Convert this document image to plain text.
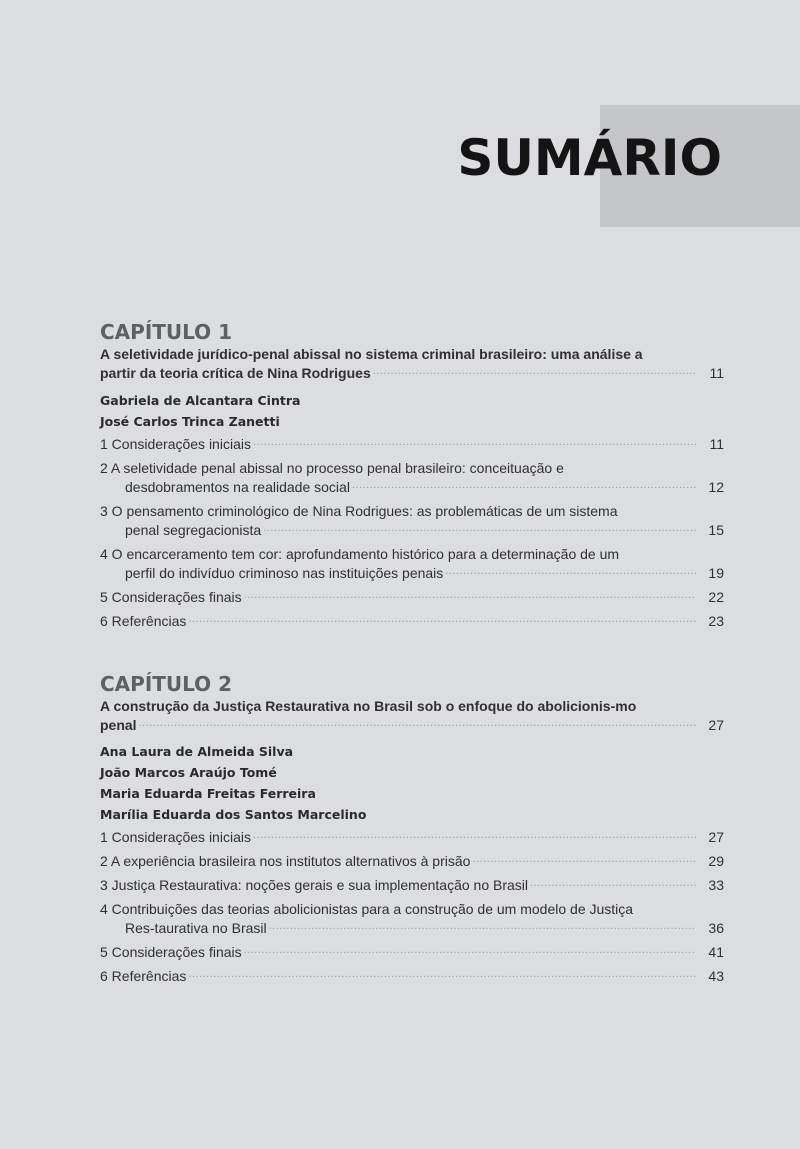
SUMÁRIO
CAPÍTULO 1
A seletividade jurídico-penal abissal no sistema criminal brasileiro: uma análise a partir da teoria crítica de Nina Rodrigues .....	11
Gabriela de Alcantara Cintra
José Carlos Trinca Zanetti
1 Considerações iniciais .....	11
2 A seletividade penal abissal no processo penal brasileiro: conceituação e desdobramentos na realidade social .....	12
3 O pensamento criminológico de Nina Rodrigues: as problemáticas de um sistema penal segregacionista .....	15
4 O encarceramento tem cor: aprofundamento histórico para a determinação de um perfil do indivíduo criminoso nas instituições penais .....	19
5 Considerações finais .....	22
6 Referências .....	23
CAPÍTULO 2
A construção da Justiça Restaurativa no Brasil sob o enfoque do abolicionis-mo penal .....	27
Ana Laura de Almeida Silva
João Marcos Araújo Tomé
Maria Eduarda Freitas Ferreira
Marília Eduarda dos Santos Marcelino
1 Considerações iniciais .....	27
2 A experiência brasileira nos institutos alternativos à prisão .....	29
3 Justiça Restaurativa: noções gerais e sua implementação no Brasil .....	33
4 Contribuições das teorias abolicionistas para a construção de um modelo de Justiça Res-taurativa no Brasil .....	36
5 Considerações finais .....	41
6 Referências .....	43
